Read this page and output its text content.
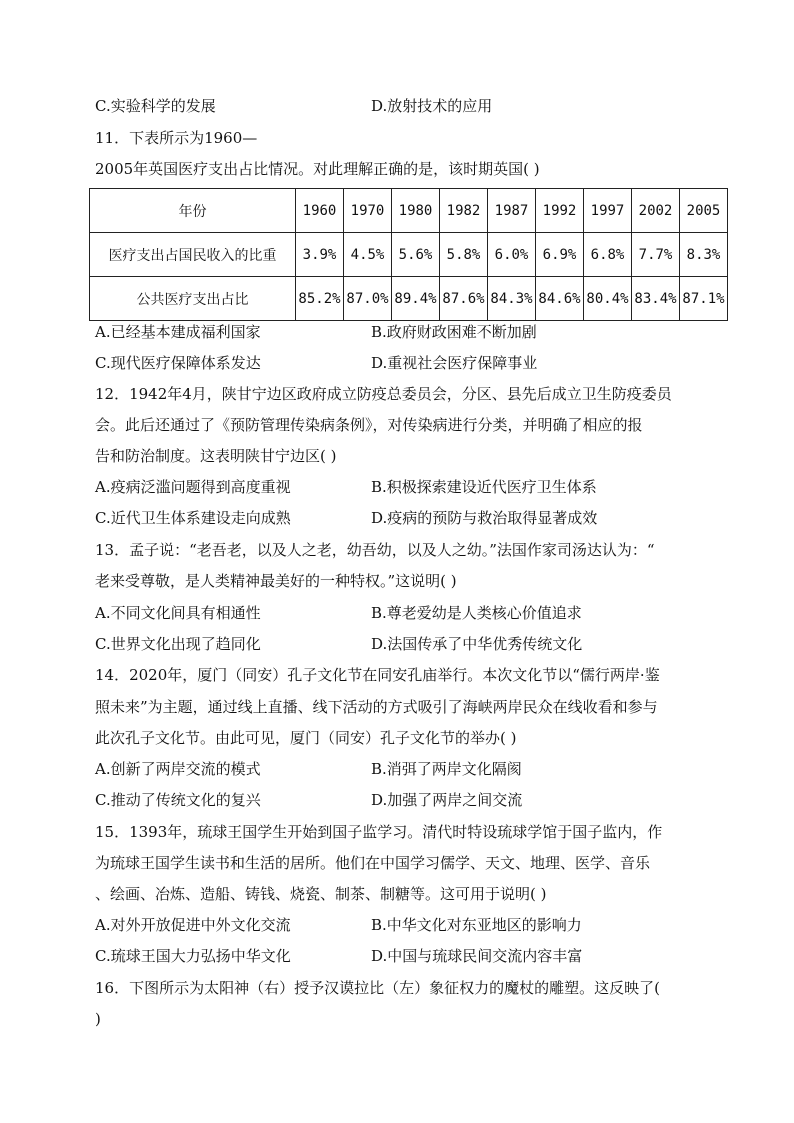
C.实验科学的发展	D.放射技术的应用
11．下表所示为1960—
2005年英国医疗支出占比情况。对此理解正确的是，该时期英国( )
年份	1960	1970	1980	1982	1987	1992	1997	2002	2005
医疗支出占国民收入的比重	3.9%	4.5%	5.6%	5.8%	6.0%	6.9%	6.8%	7.7%	8.3%
公共医疗支出占比	85.2%	87.0%	89.4%	87.6%	84.3%	84.6%	80.4%	83.4%	87.1%
A.已经基本建成福利国家	B.政府财政困难不断加剧
C.现代医疗保障体系发达	D.重视社会医疗保障事业
12．1942年4月，陕甘宁边区政府成立防疫总委员会，分区、县先后成立卫生防疫委员
会。此后还通过了《预防管理传染病条例》，对传染病进行分类，并明确了相应的报
告和防治制度。这表明陕甘宁边区( )
A.疫病泛滥问题得到高度重视	B.积极探索建设近代医疗卫生体系
C.近代卫生体系建设走向成熟	D.疫病的预防与救治取得显著成效
13．孟子说：“老吾老，以及人之老，幼吾幼，以及人之幼。”法国作家司汤达认为：“
老来受尊敬，是人类精神最美好的一种特权。”这说明( )
A.不同文化间具有相通性	B.尊老爱幼是人类核心价值追求
C.世界文化出现了趋同化	D.法国传承了中华优秀传统文化
14．2020年，厦门（同安）孔子文化节在同安孔庙举行。本次文化节以“儒行两岸·鉴
照未来”为主题，通过线上直播、线下活动的方式吸引了海峡两岸民众在线收看和参与
此次孔子文化节。由此可见，厦门（同安）孔子文化节的举办( )
A.创新了两岸交流的模式	B.消弭了两岸文化隔阂
C.推动了传统文化的复兴	D.加强了两岸之间交流
15．1393年，琉球王国学生开始到国子监学习。清代时特设琉球学馆于国子监内，作
为琉球王国学生读书和生活的居所。他们在中国学习儒学、天文、地理、医学、音乐
、绘画、冶炼、造船、铸钱、烧瓷、制茶、制糖等。这可用于说明( )
A.对外开放促进中外文化交流	B.中华文化对东亚地区的影响力
C.琉球王国大力弘扬中华文化	D.中国与琉球民间交流内容丰富
16．下图所示为太阳神（右）授予汉谟拉比（左）象征权力的魔杖的雕塑。这反映了(
)
